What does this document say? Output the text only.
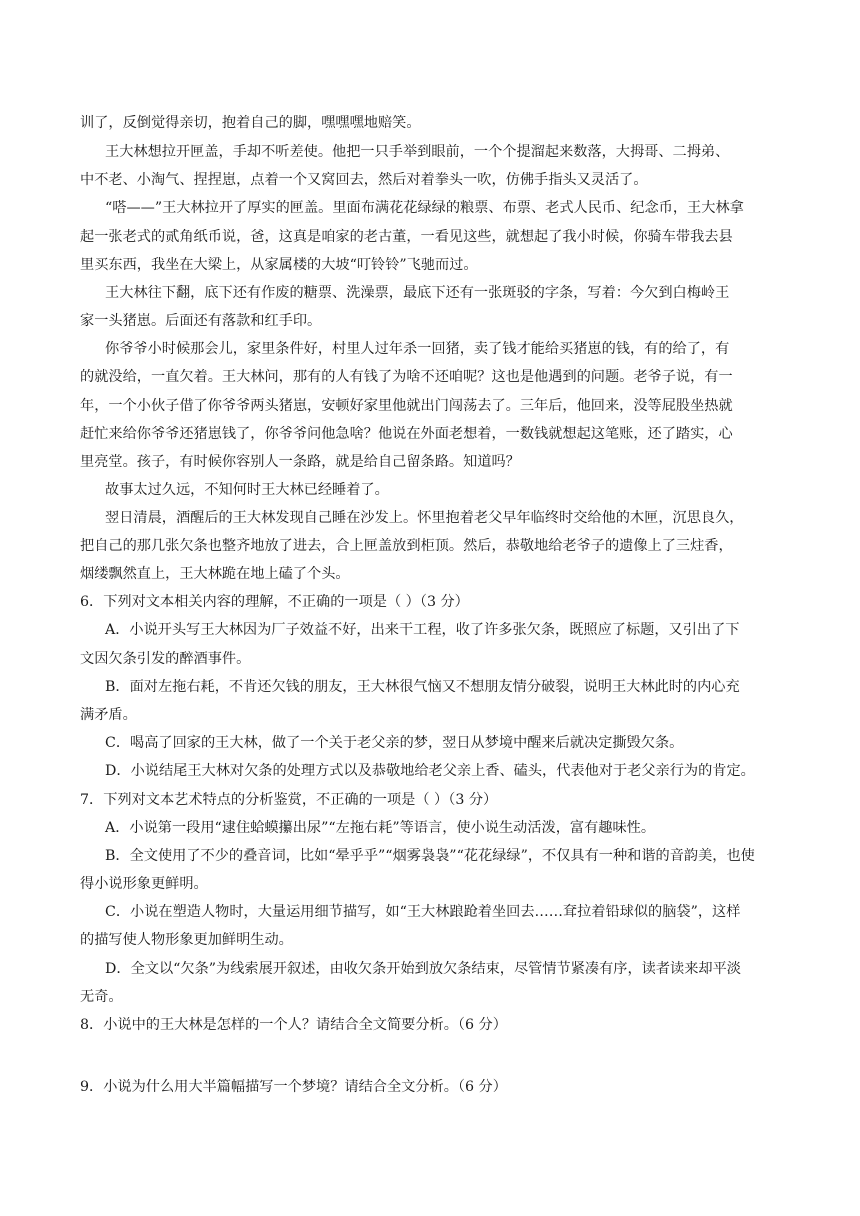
训了，反倒觉得亲切，抱着自己的脚，嘿嘿嘿地赔笑。
王大林想拉开匣盖，手却不听差使。他把一只手举到眼前，一个个提溜起来数落，大拇哥、二拇弟、
中不老、小淘气、捏捏崽，点着一个又窝回去，然后对着拳头一吹，仿佛手指头又灵活了。
“嗒——”王大林拉开了厚实的匣盖。里面布满花花绿绿的粮票、布票、老式人民币、纪念币，王大林拿
起一张老式的贰角纸币说，爸，这真是咱家的老古董，一看见这些，就想起了我小时候，你骑车带我去县
里买东西，我坐在大梁上，从家属楼的大坡“叮铃铃”飞驰而过。
王大林往下翻，底下还有作废的糖票、洗澡票，最底下还有一张斑驳的字条，写着：今欠到白梅岭王
家一头猪崽。后面还有落款和红手印。
你爷爷小时候那会儿，家里条件好，村里人过年杀一回猪，卖了钱才能给买猪崽的钱，有的给了，有
的就没给，一直欠着。王大林问，那有的人有钱了为啥不还咱呢？这也是他遇到的问题。老爷子说，有一
年，一个小伙子借了你爷爷两头猪崽，安顿好家里他就出门闯荡去了。三年后，他回来，没等屁股坐热就
赶忙来给你爷爷还猪崽钱了，你爷爷问他急啥？他说在外面老想着，一数钱就想起这笔账，还了踏实，心
里亮堂。孩子，有时候你容别人一条路，就是给自己留条路。知道吗？
故事太过久远，不知何时王大林已经睡着了。
翌日清晨，酒醒后的王大林发现自己睡在沙发上。怀里抱着老父早年临终时交给他的木匣，沉思良久，
把自己的那几张欠条也整齐地放了进去，合上匣盖放到柜顶。然后，恭敬地给老爷子的遗像上了三炷香，
烟缕飘然直上，王大林跪在地上磕了个头。
6．下列对文本相关内容的理解，不正确的一项是（ ）（3 分）
A．小说开头写王大林因为厂子效益不好，出来干工程，收了许多张欠条，既照应了标题，又引出了下
文因欠条引发的醉酒事件。
B．面对左拖右耗，不肯还欠钱的朋友，王大林很气恼又不想朋友情分破裂，说明王大林此时的内心充
满矛盾。
C．喝高了回家的王大林，做了一个关于老父亲的梦，翌日从梦境中醒来后就决定撕毁欠条。
D．小说结尾王大林对欠条的处理方式以及恭敬地给老父亲上香、磕头，代表他对于老父亲行为的肯定。
7．下列对文本艺术特点的分析鉴赏，不正确的一项是（ ）（3 分）
A．小说第一段用“逮住蛤蟆攥出尿”“左拖右耗”等语言，使小说生动活泼，富有趣味性。
B．全文使用了不少的叠音词，比如“晕乎乎”“烟雾袅袅”“花花绿绿”，不仅具有一种和谐的音韵美，也使
得小说形象更鲜明。
C．小说在塑造人物时，大量运用细节描写，如“王大林踉跄着坐回去……耷拉着铅球似的脑袋”，这样
的描写使人物形象更加鲜明生动。
D．全文以“欠条”为线索展开叙述，由收欠条开始到放欠条结束，尽管情节紧凑有序，读者读来却平淡
无奇。
8．小说中的王大林是怎样的一个人？请结合全文简要分析。（6 分）
9．小说为什么用大半篇幅描写一个梦境？请结合全文分析。（6 分）
